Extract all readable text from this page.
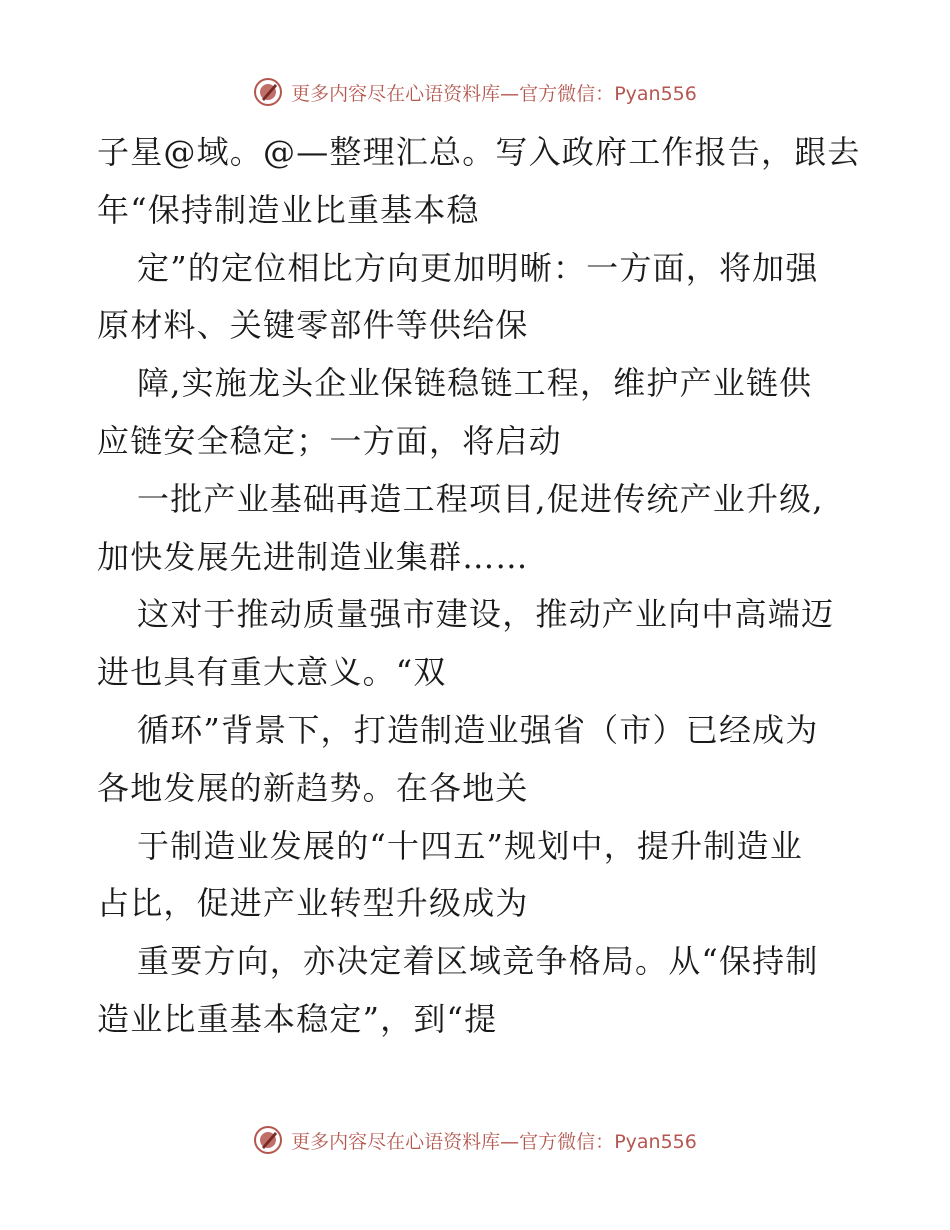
更多内容尽在心语资料库—官方微信：Pyan556
子星@域。@—整理汇总。写入政府工作报告，跟去
年“保持制造业比重基本稳
定”的定位相比方向更加明晰：一方面，将加强
原材料、关键零部件等供给保
障,实施龙头企业保链稳链工程，维护产业链供
应链安全稳定；一方面，将启动
一批产业基础再造工程项目,促进传统产业升级,
加快发展先进制造业集群……
这对于推动质量强市建设，推动产业向中高端迈
进也具有重大意义。“双
循环”背景下，打造制造业强省（市）已经成为
各地发展的新趋势。在各地关
于制造业发展的“十四五”规划中，提升制造业
占比，促进产业转型升级成为
重要方向，亦决定着区域竞争格局。从“保持制
造业比重基本稳定”，到“提
更多内容尽在心语资料库—官方微信：Pyan556
